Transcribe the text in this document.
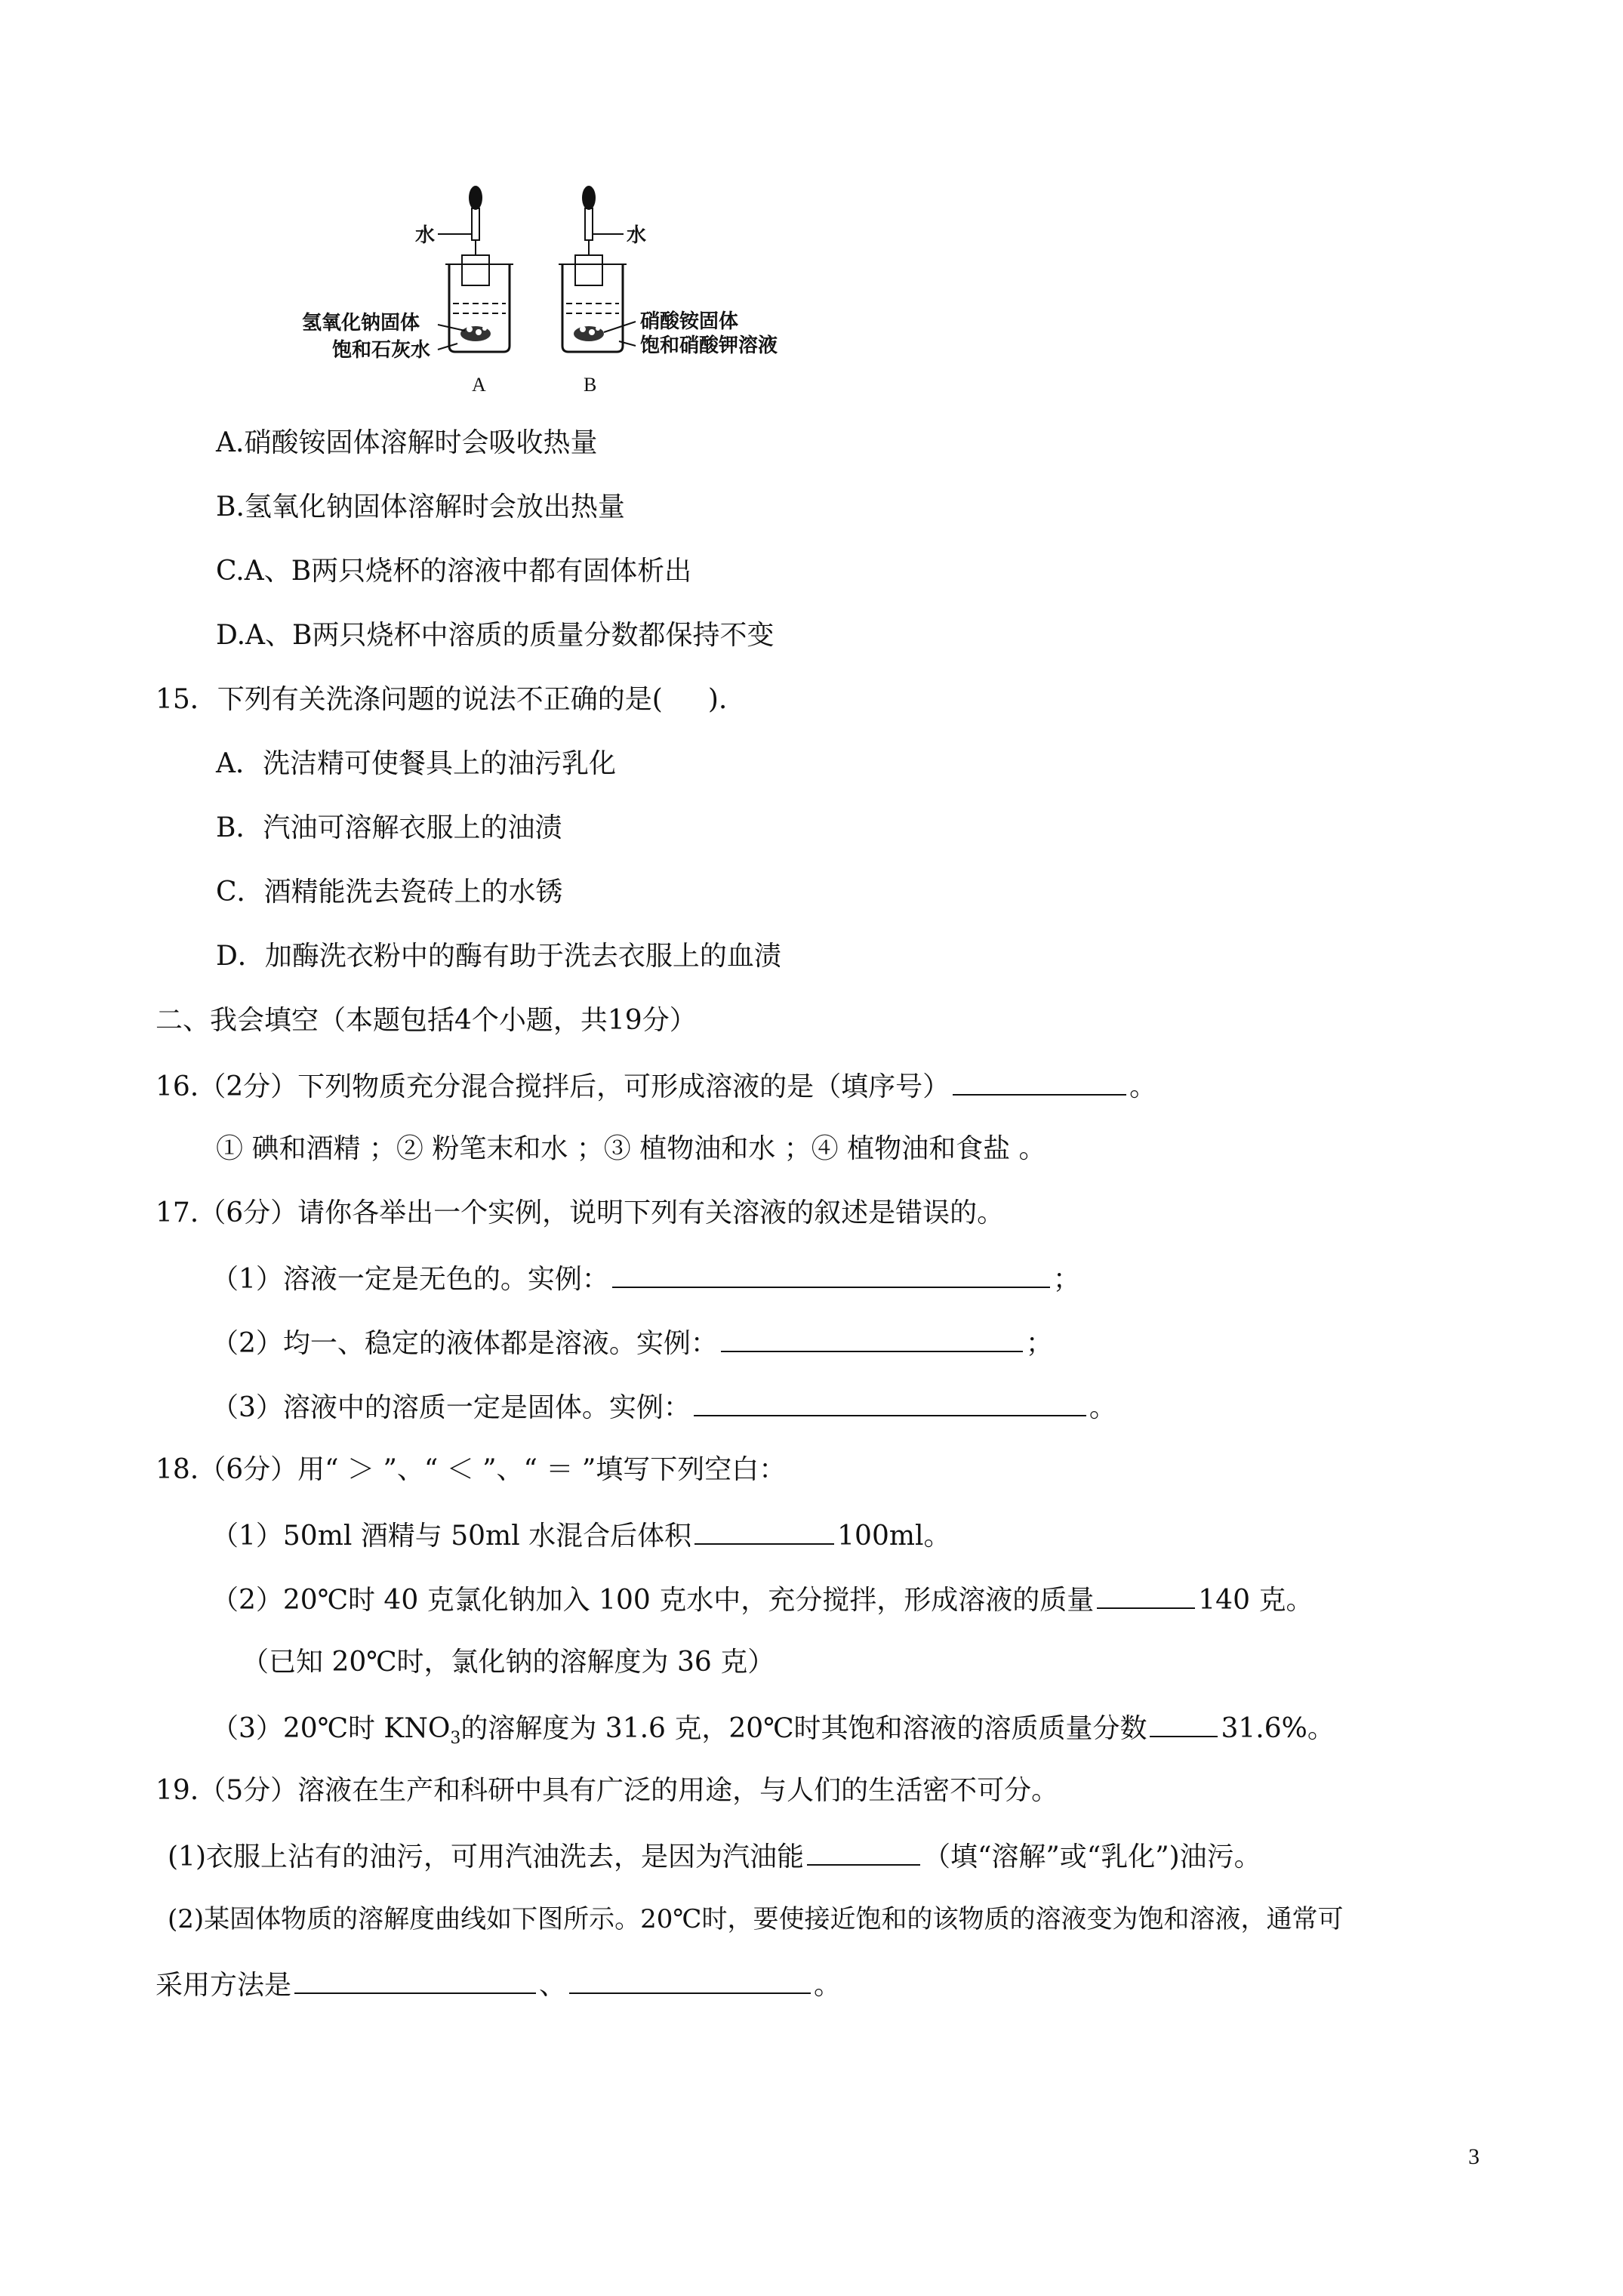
水
氢氧化钠固体
饱和石灰水
A
水
硝酸铵固体
饱和硝酸钾溶液
B
A.硝酸铵固体溶解时会吸收热量
B.氢氧化钠固体溶解时会放出热量
C.A、B两只烧杯的溶液中都有固体析出
D.A、B两只烧杯中溶质的质量分数都保持不变
15．下列有关洗涤问题的说法不正确的是( ).
A．洗洁精可使餐具上的油污乳化
B．汽油可溶解衣服上的油渍
C．酒精能洗去瓷砖上的水锈
D．加酶洗衣粉中的酶有助于洗去衣服上的血渍
二、我会填空（本题包括4个小题，共19分）
16.（2分）下列物质充分混合搅拌后，可形成溶液的是（填序号）	。
① 碘和酒精 ；② 粉笔末和水 ；③ 植物油和水 ；④ 植物油和食盐 。
17.（6分）请你各举出一个实例，说明下列有关溶液的叙述是错误的。
（1）溶液一定是无色的。实例：	；
（2）均一、稳定的液体都是溶液。实例：	；
（3）溶液中的溶质一定是固体。实例：	。
18.（6分）用“ ＞ ”、“ ＜ ”、“ ＝ ”填写下列空白：
（1）50ml 酒精与 50ml 水混合后体积	100ml。
（2）20℃时 40 克氯化钠加入 100 克水中，充分搅拌，形成溶液的质量	140 克。
（已知 20℃时，氯化钠的溶解度为 36 克）
（3）20℃时 $KNO_3$的溶解度为 31.6 克，20℃时其饱和溶液的溶质质量分数	31.6%。
19.（5分）溶液在生产和科研中具有广泛的用途，与人们的生活密不可分。
(1)衣服上沾有的油污，可用汽油洗去，是因为汽油能	（填“溶解”或“乳化”)油污。
(2)某固体物质的溶解度曲线如下图所示。20℃时，要使接近饱和的该物质的溶液变为饱和溶液，通常可
采用方法是	、	。
3
